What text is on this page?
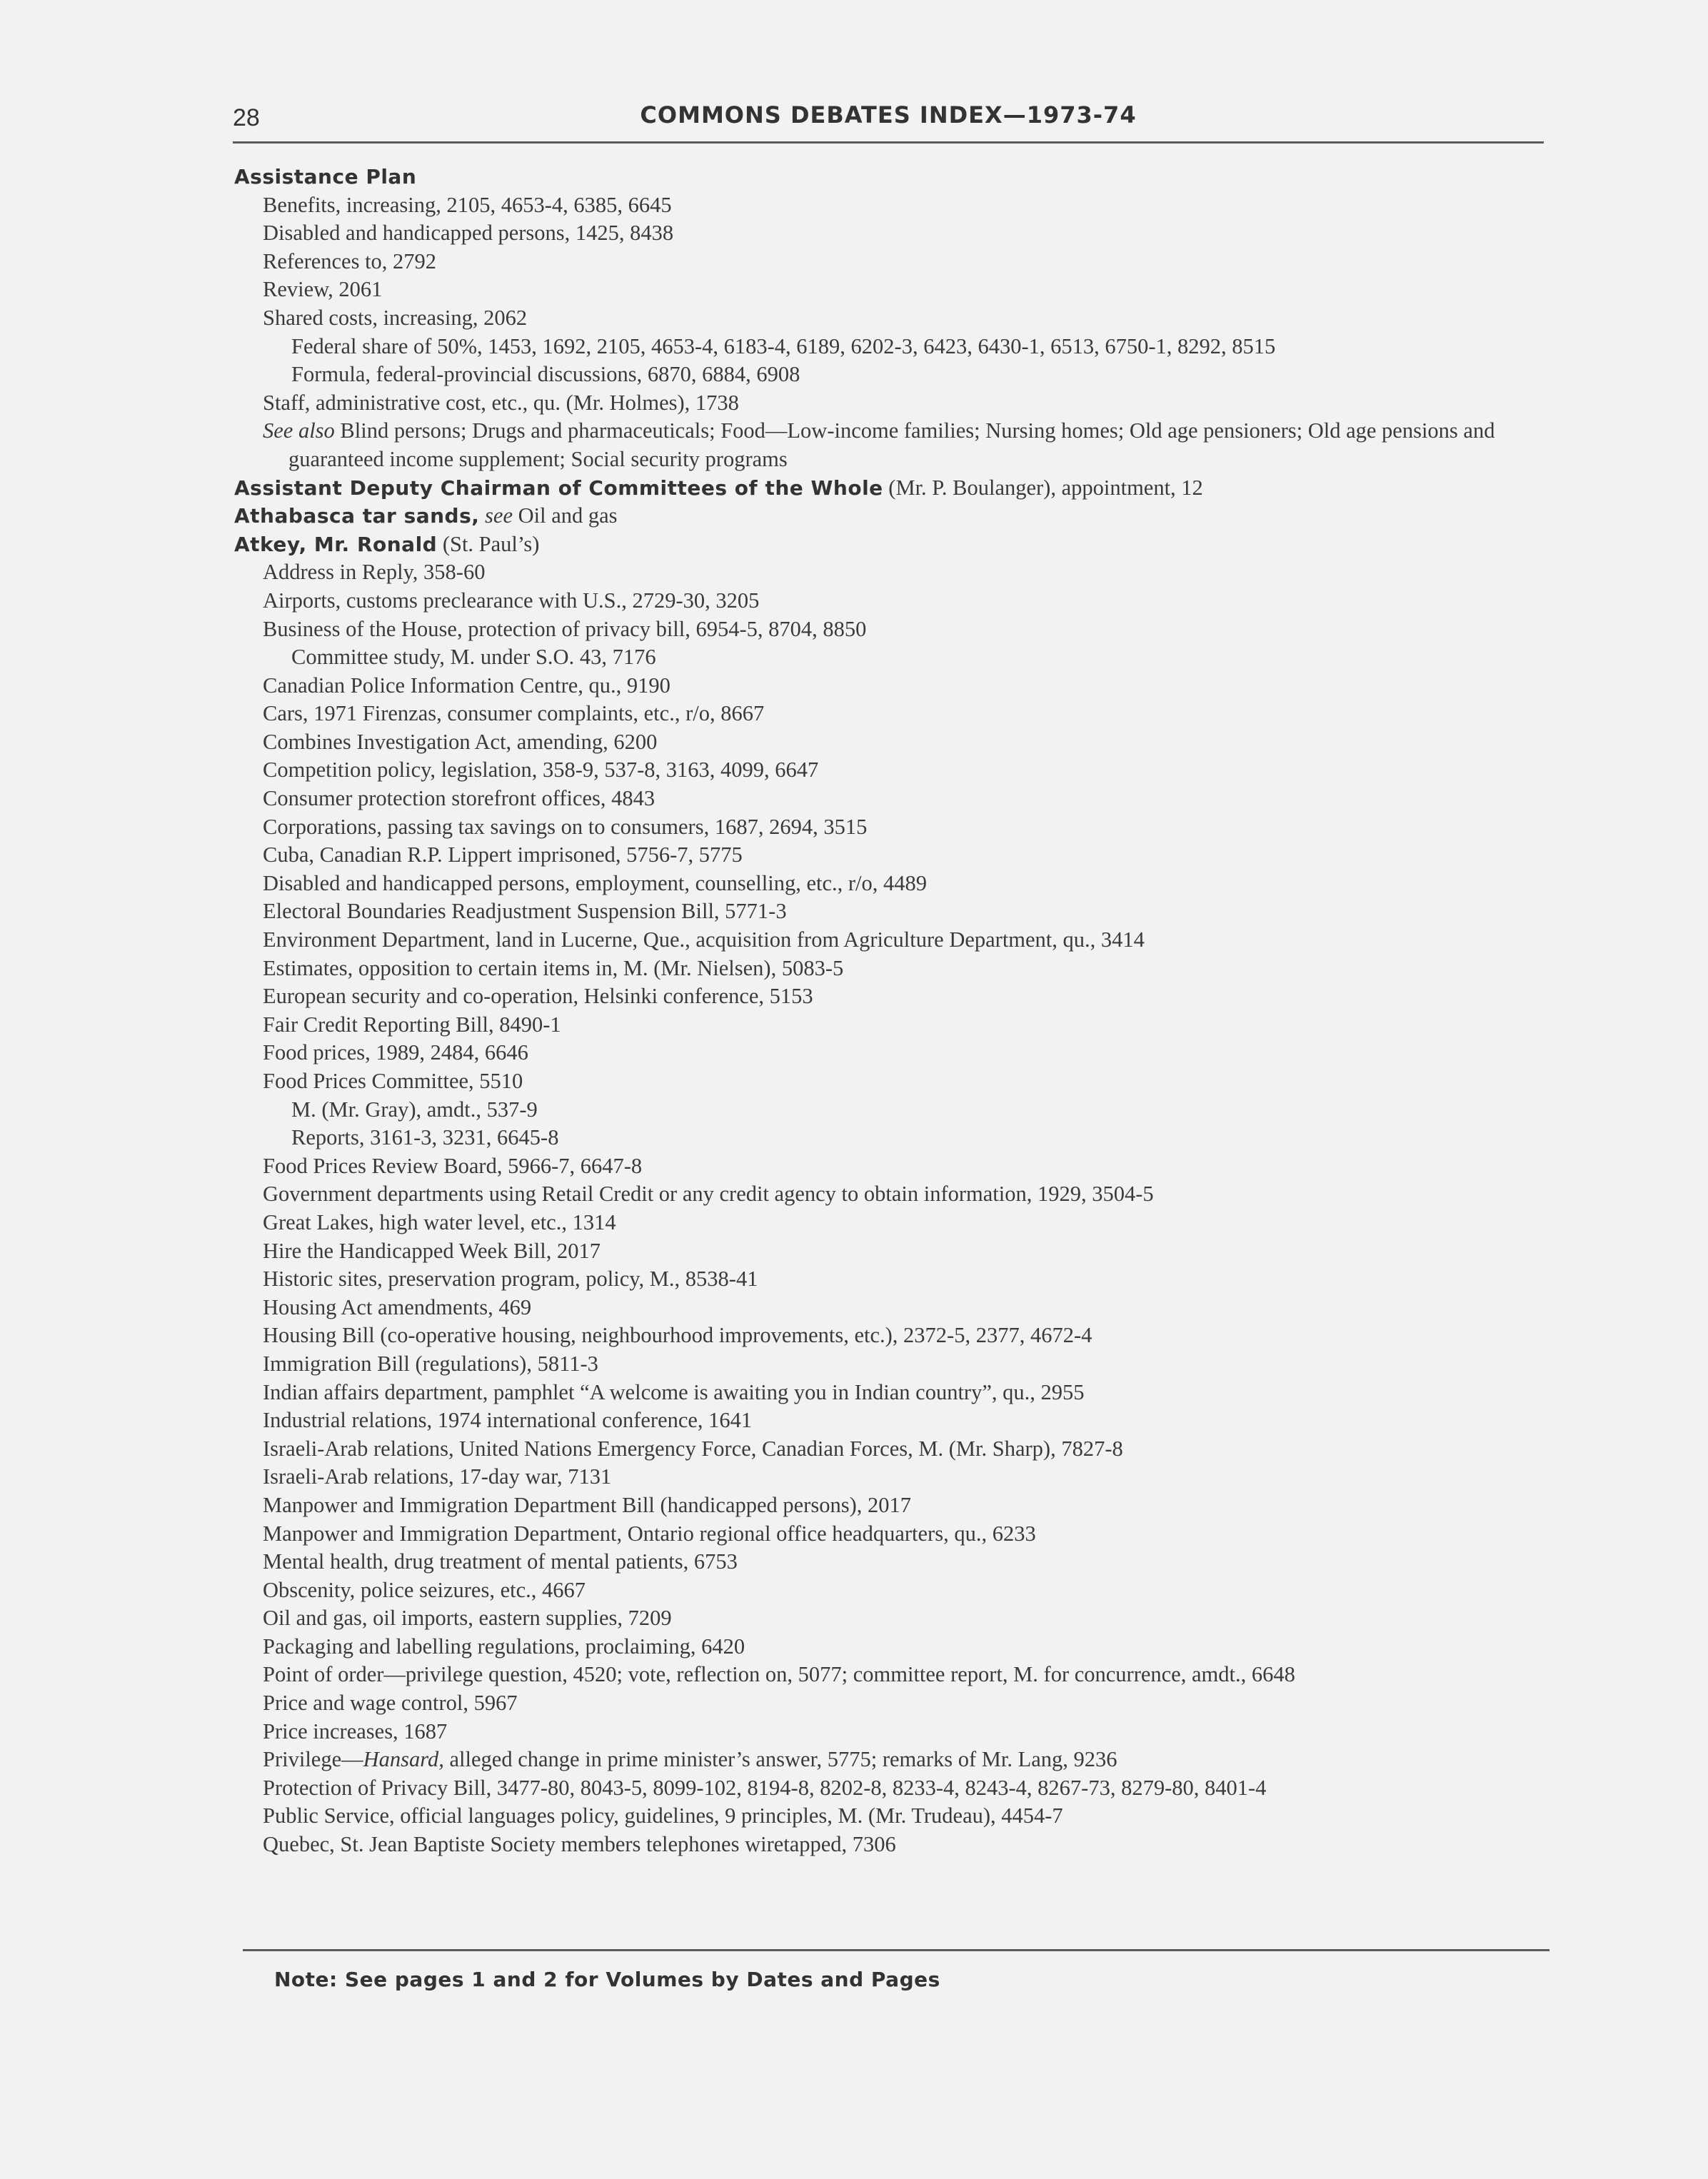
28	COMMONS DEBATES INDEX—1973-74
Assistance Plan
Benefits, increasing, 2105, 4653-4, 6385, 6645
Disabled and handicapped persons, 1425, 8438
References to, 2792
Review, 2061
Shared costs, increasing, 2062
Federal share of 50%, 1453, 1692, 2105, 4653-4, 6183-4, 6189, 6202-3, 6423, 6430-1, 6513, 6750-1, 8292, 8515
Formula, federal-provincial discussions, 6870, 6884, 6908
Staff, administrative cost, etc., qu. (Mr. Holmes), 1738
See also Blind persons; Drugs and pharmaceuticals; Food—Low-income families; Nursing homes; Old age pensioners; Old age pensions and guaranteed income supplement; Social security programs
Assistant Deputy Chairman of Committees of the Whole (Mr. P. Boulanger), appointment, 12
Athabasca tar sands, see Oil and gas
Atkey, Mr. Ronald (St. Paul’s)
Address in Reply, 358-60
Airports, customs preclearance with U.S., 2729-30, 3205
Business of the House, protection of privacy bill, 6954-5, 8704, 8850
Committee study, M. under S.O. 43, 7176
Canadian Police Information Centre, qu., 9190
Cars, 1971 Firenzas, consumer complaints, etc., r/o, 8667
Combines Investigation Act, amending, 6200
Competition policy, legislation, 358-9, 537-8, 3163, 4099, 6647
Consumer protection storefront offices, 4843
Corporations, passing tax savings on to consumers, 1687, 2694, 3515
Cuba, Canadian R.P. Lippert imprisoned, 5756-7, 5775
Disabled and handicapped persons, employment, counselling, etc., r/o, 4489
Electoral Boundaries Readjustment Suspension Bill, 5771-3
Environment Department, land in Lucerne, Que., acquisition from Agriculture Department, qu., 3414
Estimates, opposition to certain items in, M. (Mr. Nielsen), 5083-5
European security and co-operation, Helsinki conference, 5153
Fair Credit Reporting Bill, 8490-1
Food prices, 1989, 2484, 6646
Food Prices Committee, 5510
M. (Mr. Gray), amdt., 537-9
Reports, 3161-3, 3231, 6645-8
Food Prices Review Board, 5966-7, 6647-8
Government departments using Retail Credit or any credit agency to obtain information, 1929, 3504-5
Great Lakes, high water level, etc., 1314
Hire the Handicapped Week Bill, 2017
Historic sites, preservation program, policy, M., 8538-41
Housing Act amendments, 469
Housing Bill (co-operative housing, neighbourhood improvements, etc.), 2372-5, 2377, 4672-4
Immigration Bill (regulations), 5811-3
Indian affairs department, pamphlet “A welcome is awaiting you in Indian country”, qu., 2955
Industrial relations, 1974 international conference, 1641
Israeli-Arab relations, United Nations Emergency Force, Canadian Forces, M. (Mr. Sharp), 7827-8
Israeli-Arab relations, 17-day war, 7131
Manpower and Immigration Department Bill (handicapped persons), 2017
Manpower and Immigration Department, Ontario regional office headquarters, qu., 6233
Mental health, drug treatment of mental patients, 6753
Obscenity, police seizures, etc., 4667
Oil and gas, oil imports, eastern supplies, 7209
Packaging and labelling regulations, proclaiming, 6420
Point of order—privilege question, 4520; vote, reflection on, 5077; committee report, M. for concurrence, amdt., 6648
Price and wage control, 5967
Price increases, 1687
Privilege—Hansard, alleged change in prime minister’s answer, 5775; remarks of Mr. Lang, 9236
Protection of Privacy Bill, 3477-80, 8043-5, 8099-102, 8194-8, 8202-8, 8233-4, 8243-4, 8267-73, 8279-80, 8401-4
Public Service, official languages policy, guidelines, 9 principles, M. (Mr. Trudeau), 4454-7
Quebec, St. Jean Baptiste Society members telephones wiretapped, 7306
Note: See pages 1 and 2 for Volumes by Dates and Pages
